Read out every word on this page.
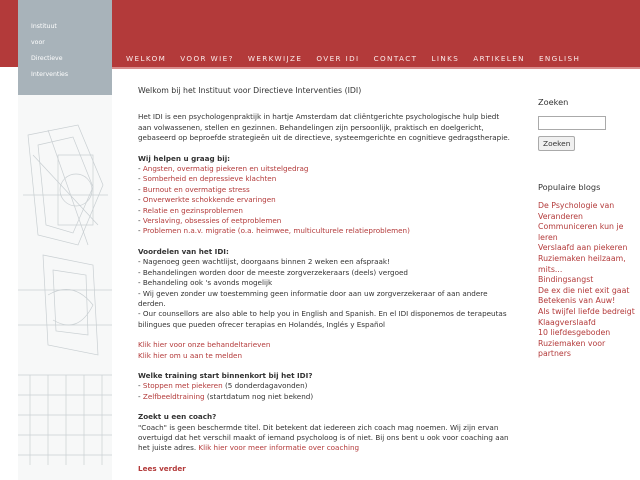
Instituut
voor
Directieve
Interventies
WELKOM VOOR WIE? WERKWIJZE OVER IDI CONTACT LINKS ARTIKELEN ENGLISH
Welkom bij het Instituut voor Directieve Interventies (IDI)

Het IDI is een psychologenpraktijk in hartje Amsterdam dat cliëntgerichte psychologische hulp biedt aan volwassenen, stellen en gezinnen. Behandelingen zijn persoonlijk, praktisch en doelgericht, gebaseerd op beproefde strategieën uit de directieve, systeemgerichte en cognitieve gedragstherapie.

Wij helpen u graag bij:
- Angsten, overmatig piekeren en uitstelgedrag
- Somberheid en depressieve klachten
- Burnout en overmatige stress
- Onverwerkte schokkende ervaringen
- Relatie en gezinsproblemen
- Verslaving, obsessies of eetproblemen
- Problemen n.a.v. migratie (o.a. heimwee, multiculturele relatieproblemen)
Voordelen van het IDI:
- Nagenoeg geen wachtlijst, doorgaans binnen 2 weken een afspraak!
- Behandelingen worden door de meeste zorgverzekeraars (deels) vergoed
- Behandeling ook 's avonds mogelijk
- Wij geven zonder uw toestemming geen informatie door aan uw zorgverzekeraar of aan andere derden.
- Our counsellors are also able to help you in English and Spanish. En el IDI disponemos de terapeutas bilingues que pueden ofrecer terapias en Holandés, Inglés y Español
Klik hier voor onze behandeltarieven
Klik hier om u aan te melden
Welke training start binnenkort bij het IDI?
- Stoppen met piekeren (5 donderdagavonden)
- Zelfbeeldtraining (startdatum nog niet bekend)
Zoekt u een coach?

"Coach" is geen beschermde titel. Dit betekent dat iedereen zich coach mag noemen. Wij zijn ervan overtuigd dat het verschil maakt of iemand psycholoog is of niet. Bij ons bent u ook voor coaching aan het juiste adres. Klik hier voor meer informatie over coaching

Lees verder
Zoeken
Zoeken
Populaire blogs
De Psychologie van Veranderen
Communiceren kun je leren
Verslaafd aan piekeren
Ruziemaken heilzaam, mits...
Bindingsangst
De ex die niet exit gaat
Betekenis van Auw!
Als twijfel liefde bedreigt
Klaagverslaafd
10 liefdesgeboden
Ruziemaken voor partners
